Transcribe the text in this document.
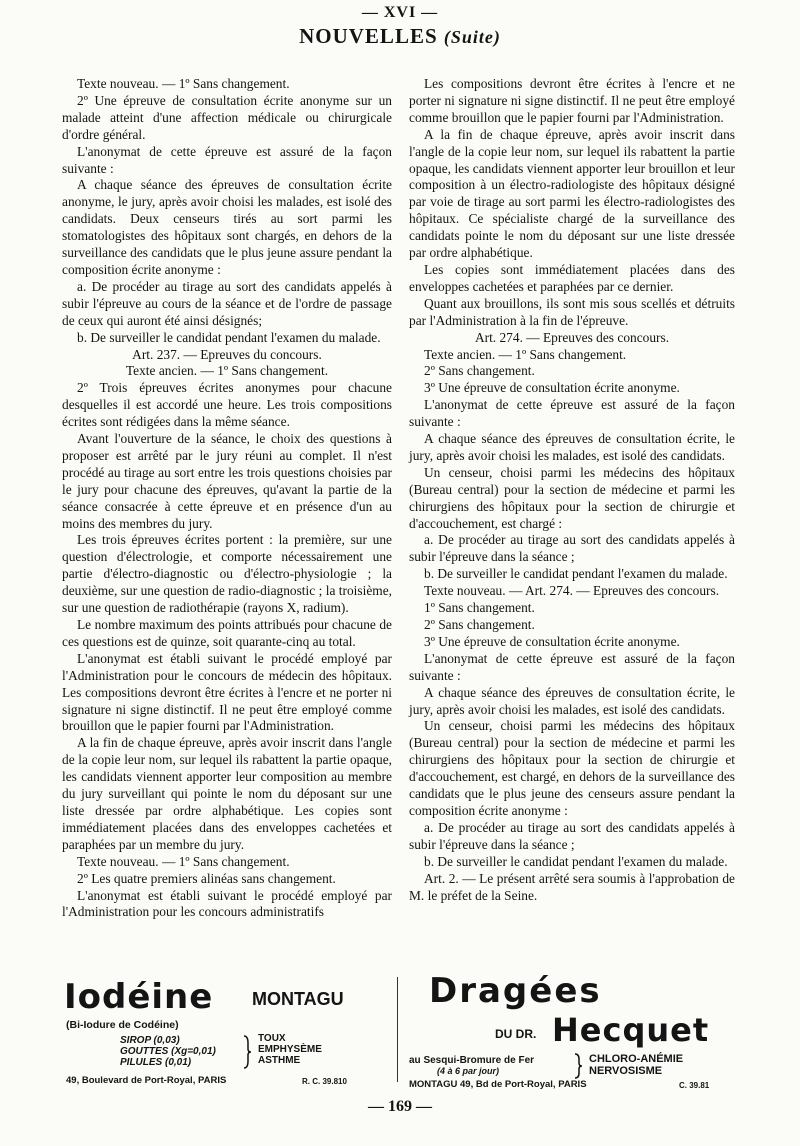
— XVI —
NOUVELLES (Suite)

Texte nouveau. — 1º Sans changement.

2º Une épreuve de consultation écrite anonyme sur un malade atteint d'une affection médicale ou chirurgicale d'ordre général.

L'anonymat de cette épreuve est assuré de la façon suivante :

A chaque séance des épreuves de consultation écrite anonyme, le jury, après avoir choisi les malades, est isolé des candidats. Deux censeurs tirés au sort parmi les stomatologistes des hôpitaux sont chargés, en dehors de la surveillance des candidats que le plus jeune assure pendant la composition écrite anonyme :

a. De procéder au tirage au sort des candidats appelés à subir l'épreuve au cours de la séance et de l'ordre de passage de ceux qui auront été ainsi désignés;

b. De surveiller le candidat pendant l'examen du malade.

Art. 237. — Epreuves du concours.

Texte ancien. — 1º Sans changement.

2º Trois épreuves écrites anonymes pour chacune desquelles il est accordé une heure. Les trois compositions écrites sont rédigées dans la même séance.

Avant l'ouverture de la séance, le choix des questions à proposer est arrêté par le jury réuni au complet. Il n'est procédé au tirage au sort entre les trois questions choisies par le jury pour chacune des épreuves, qu'avant la partie de la séance consacrée à cette épreuve et en présence d'un au moins des membres du jury.

Les trois épreuves écrites portent : la première, sur une question d'électrologie, et comporte nécessairement une partie d'électro-diagnostic ou d'électro-physiologie ; la deuxième, sur une question de radio-diagnostic ; la troisième, sur une question de radiothérapie (rayons X, radium).

Le nombre maximum des points attribués pour chacune de ces questions est de quinze, soit quarante-cinq au total.

L'anonymat est établi suivant le procédé employé par l'Administration pour le concours de médecin des hôpitaux. Les compositions devront être écrites à l'encre et ne porter ni signature ni signe distinctif. Il ne peut être employé comme brouillon que le papier fourni par l'Administration.

A la fin de chaque épreuve, après avoir inscrit dans l'angle de la copie leur nom, sur lequel ils rabattent la partie opaque, les candidats viennent apporter leur composition au membre du jury surveillant qui pointe le nom du déposant sur une liste dressée par ordre alphabétique. Les copies sont immédiatement placées dans des enveloppes cachetées et paraphées par un membre du jury.

Texte nouveau. — 1º Sans changement.

2º Les quatre premiers alinéas sans changement.

L'anonymat est établi suivant le procédé employé par l'Administration pour les concours administratifs

Les compositions devront être écrites à l'encre et ne porter ni signature ni signe distinctif. Il ne peut être employé comme brouillon que le papier fourni par l'Administration.

A la fin de chaque épreuve, après avoir inscrit dans l'angle de la copie leur nom, sur lequel ils rabattent la partie opaque, les candidats viennent apporter leur brouillon et leur composition à un électro-radiologiste des hôpitaux désigné par voie de tirage au sort parmi les électro-radiologistes des hôpitaux. Ce spécialiste chargé de la surveillance des candidats pointe le nom du déposant sur une liste dressée par ordre alphabétique.

Les copies sont immédiatement placées dans des enveloppes cachetées et paraphées par ce dernier.

Quant aux brouillons, ils sont mis sous scellés et détruits par l'Administration à la fin de l'épreuve.

Art. 274. — Epreuves des concours.

Texte ancien. — 1º Sans changement.

2º Sans changement.

3º Une épreuve de consultation écrite anonyme.

L'anonymat de cette épreuve est assuré de la façon suivante :

A chaque séance des épreuves de consultation écrite, le jury, après avoir choisi les malades, est isolé des candidats.

Un censeur, choisi parmi les médecins des hôpitaux (Bureau central) pour la section de médecine et parmi les chirurgiens des hôpitaux pour la section de chirurgie et d'accouchement, est chargé :

a. De procéder au tirage au sort des candidats appelés à subir l'épreuve dans la séance ;

b. De surveiller le candidat pendant l'examen du malade.

Texte nouveau. — Art. 274. — Epreuves des concours.

1º Sans changement.

2º Sans changement.

3º Une épreuve de consultation écrite anonyme.

L'anonymat de cette épreuve est assuré de la façon suivante :

A chaque séance des épreuves de consultation écrite, le jury, après avoir choisi les malades, est isolé des candidats.

Un censeur, choisi parmi les médecins des hôpitaux (Bureau central) pour la section de médecine et parmi les chirurgiens des hôpitaux pour la section de chirurgie et d'accouchement, est chargé, en dehors de la surveillance des candidats que le plus jeune des censeurs assure pendant la composition écrite anonyme :

a. De procéder au tirage au sort des candidats appelés à subir l'épreuve dans la séance ;

b. De surveiller le candidat pendant l'examen du malade.

Art. 2. — Le présent arrêté sera soumis à l'approbation de M. le préfet de la Seine.

Iodéine MONTAGU
(Bi-Iodure de Codéine)
SIROP (0,03)
GOUTTES (Xg=0,01)
PILULES (0,01)
TOUX
EMPHYSÈME
ASTHME
49, Boulevard de Port-Royal, PARIS	R. C. 39.810
Dragées
DU DR. Hecquet
au Sesqui-Bromure de Fer
(4 à 6 par jour)
CHLORO-ANÉMIE
NERVOSISME
MONTAGU 49, Bd de Port-Royal, PARIS	C. 39.81
— 169 —
